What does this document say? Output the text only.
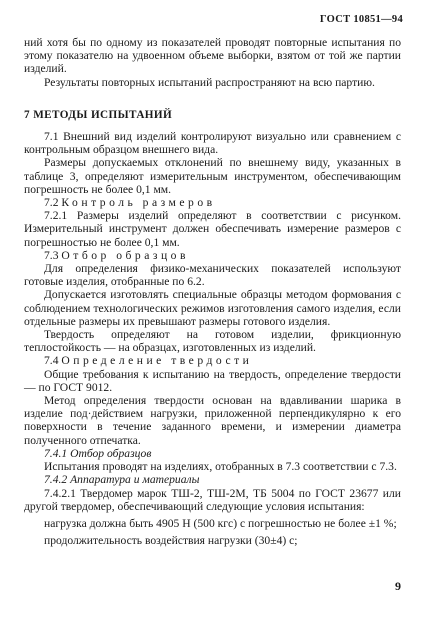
ГОСТ 10851—94

ний хотя бы по одному из показателей проводят повторные испытания по этому показателю на удвоенном объеме выборки, взятом от той же партии изделий.

Результаты повторных испытаний распространяют на всю партию.

7 МЕТОДЫ ИСПЫТАНИЙ

7.1 Внешний вид изделий контролируют визуально или сравнением с контрольным образцом внешнего вида.

Размеры допускаемых отклонений по внешнему виду, указанных в таблице 3, определяют измерительным инструментом, обеспечивающим погрешность не более 0,1 мм.

7.2 Контроль размеров

7.2.1 Размеры изделий определяют в соответствии с рисунком. Измерительный инструмент должен обеспечивать измерение размеров с погрешностью не более 0,1 мм.

7.3 Отбор образцов

Для определения физико-механических показателей используют готовые изделия, отобранные по 6.2.

Допускается изготовлять специальные образцы методом формования с соблюдением технологических режимов изготовления самого изделия, если отдельные размеры их превышают размеры готового изделия.

Твердость определяют на готовом изделии, фрикционную теплостойкость — на образцах, изготовленных из изделий.

7.4 Определение твердости

Общие требования к испытанию на твердость, определение твердости — по ГОСТ 9012.

Метод определения твердости основан на вдавливании шарика в изделие под·действием нагрузки, приложенной перпендикулярно к его поверхности в течение заданного времени, и измерении диаметра полученного отпечатка.

7.4.1 Отбор образцов

Испытания проводят на изделиях, отобранных в 7.3 соответствии с 7.3.

7.4.2 Аппаратура и материалы

7.4.2.1 Твердомер марок ТШ-2, ТШ-2М, ТБ 5004 по ГОСТ 23677 или другой твердомер, обеспечивающий следующие условия испытания:

нагрузка должна быть 4905 Н (500 кгс) с погрешностью не более ±1 %;

продолжительность воздействия нагрузки (30±4) с;

9
